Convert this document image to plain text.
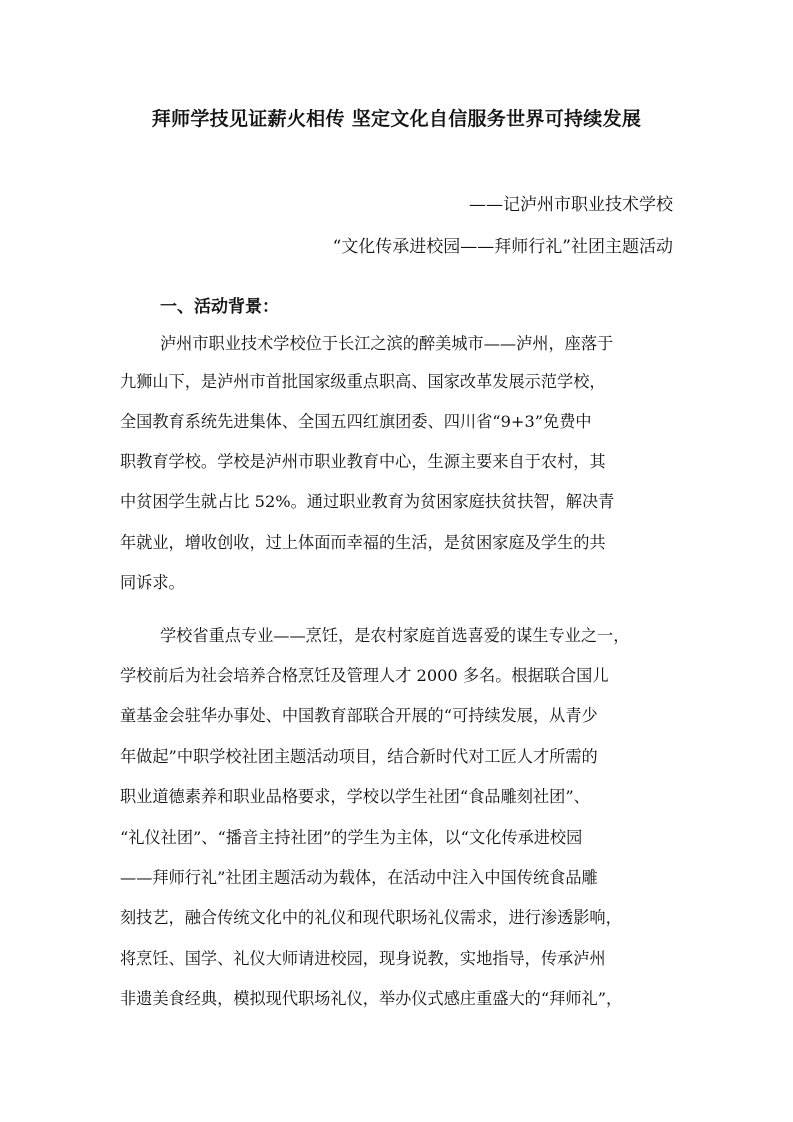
拜师学技见证薪火相传 坚定文化自信服务世界可持续发展
——记泸州市职业技术学校
“文化传承进校园——拜师行礼”社团主题活动
一、活动背景：
泸州市职业技术学校位于长江之滨的醉美城市——泸州，座落于
九狮山下，是泸州市首批国家级重点职高、国家改革发展示范学校，
全国教育系统先进集体、全国五四红旗团委、四川省“9+3”免费中
职教育学校。学校是泸州市职业教育中心，生源主要来自于农村，其
中贫困学生就占比 52%。通过职业教育为贫困家庭扶贫扶智，解决青
年就业，增收创收，过上体面而幸福的生活，是贫困家庭及学生的共
同诉求。
学校省重点专业——烹饪，是农村家庭首选喜爱的谋生专业之一，
学校前后为社会培养合格烹饪及管理人才 2000 多名。根据联合国儿
童基金会驻华办事处、中国教育部联合开展的“可持续发展，从青少
年做起”中职学校社团主题活动项目，结合新时代对工匠人才所需的
职业道德素养和职业品格要求，学校以学生社团“食品雕刻社团”、
“礼仪社团”、“播音主持社团”的学生为主体，以“文化传承进校园
——拜师行礼”社团主题活动为载体，在活动中注入中国传统食品雕
刻技艺，融合传统文化中的礼仪和现代职场礼仪需求，进行渗透影响，
将烹饪、国学、礼仪大师请进校园，现身说教，实地指导，传承泸州
非遗美食经典，模拟现代职场礼仪，举办仪式感庄重盛大的“拜师礼”，
